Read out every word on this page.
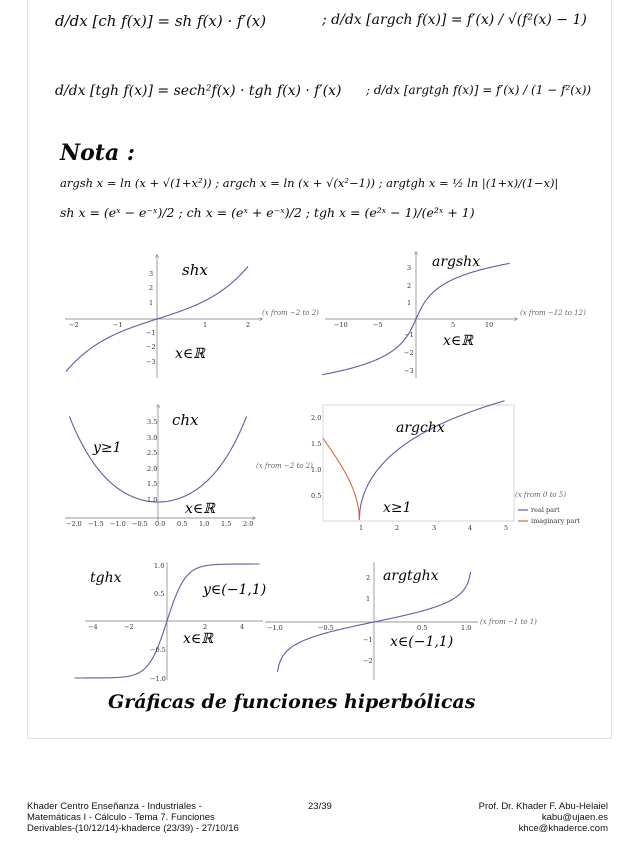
d/dx [ch f(x)] = sh f(x) · f′(x)	; d/dx [argch f(x)] = f′(x) / √(f²(x) − 1)
d/dx [tgh f(x)] = sech²f(x) · tgh f(x) · f′(x) ; d/dx [argtgh f(x)] = f′(x) / (1 − f²(x))
Nota :
argsh x = ln (x + √(1+x²)) ; argch x = ln (x + √(x²−1)) ; argtgh x = ½ ln |(1+x)/(1−x)|
sh x = (eˣ − e⁻ˣ)/2 ; ch x = (eˣ + e⁻ˣ)/2 ; tgh x = (e²ˣ − 1)/(e²ˣ + 1)
−2	−1	1	2
3
2
1
−1
−2
−3
(x from −2 to 2)
shx
x∈ℝ
−10	−5	5	10
3
2
1
−1
−2
−3
(x from −12 to 12)
argshx
x∈ℝ
−2.0 −1.5 −1.0 −0.5 0.0 0.5 1.0 1.5 2.0
3.5
3.0
2.5
2.0
1.5
1.0
(x from −2 to 2)
chx
y≥1
x∈ℝ
1	2	3	4	5
2.0
1.5
1.0
0.5	(x from 0 to 5)
real part
imaginary part
argchx
x≥1
−4	−2	2	4
1.0
0.5
−0.5
−1.0
tghx
y∈(−1,1)
x∈ℝ
−1.0	−0.5	0.5	1.0
2
1
−1
−2
(x from −1 to 1)
argtghx
x∈(−1,1)
Gráficas de funciones hiperbólicas
Khader Centro Enseñanza - Industriales -
Matemáticas I - Cálculo - Tema 7. Funciones
Derivables-(10/12/14)-khaderce (23/39) - 27/10/16
23/39	Prof. Dr. Khader F. Abu-Helaiel
kabu@ujaen.es
khce@khaderce.com
